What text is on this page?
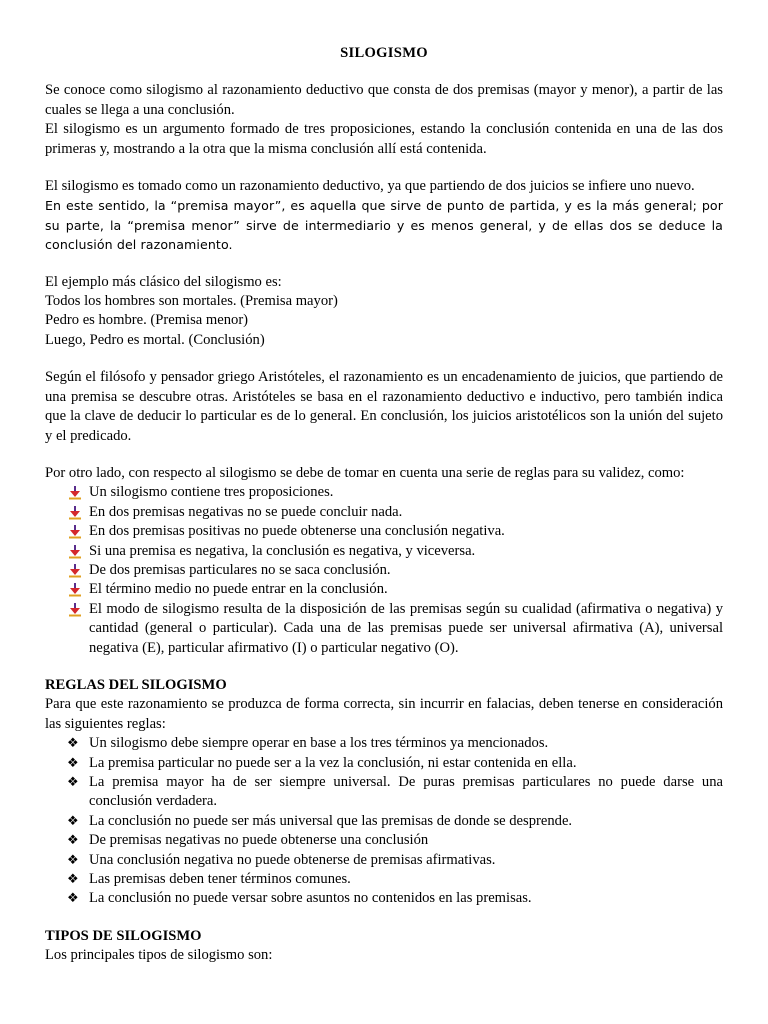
SILOGISMO

Se conoce como silogismo al razonamiento deductivo que consta de dos premisas (mayor y menor), a partir de las cuales se llega a una conclusión.

El silogismo es un argumento formado de tres proposiciones, estando la conclusión contenida en una de las dos primeras y, mostrando a la otra que la misma conclusión allí está contenida.

El silogismo es tomado como un razonamiento deductivo, ya que partiendo de dos juicios se infiere uno nuevo.

En este sentido, la “premisa mayor”, es aquella que sirve de punto de partida, y es la más general; por su parte, la “premisa menor” sirve de intermediario y es menos general, y de ellas dos se deduce la conclusión del razonamiento.

El ejemplo más clásico del silogismo es:

Todos los hombres son mortales. (Premisa mayor)

Pedro es hombre. (Premisa menor)

Luego, Pedro es mortal. (Conclusión)

Según el filósofo y pensador griego Aristóteles, el razonamiento es un encadenamiento de juicios, que partiendo de una premisa se descubre otras. Aristóteles se basa en el razonamiento deductivo e inductivo, pero también indica que la clave de deducir lo particular es de lo general. En conclusión, los juicios aristotélicos son la unión del sujeto y el predicado.

Por otro lado, con respecto al silogismo se debe de tomar en cuenta una serie de reglas para su validez, como:

Un silogismo contiene tres proposiciones.
En dos premisas negativas no se puede concluir nada.
En dos premisas positivas no puede obtenerse una conclusión negativa.
Si una premisa es negativa, la conclusión es negativa, y viceversa.
De dos premisas particulares no se saca conclusión.
El término medio no puede entrar en la conclusión.
El modo de silogismo resulta de la disposición de las premisas según su cualidad (afirmativa o negativa) y cantidad (general o particular). Cada una de las premisas puede ser universal afirmativa (A), universal negativa (E), particular afirmativo (I) o particular negativo (O).

REGLAS DEL SILOGISMO

Para que este razonamiento se produzca de forma correcta, sin incurrir en falacias, deben tenerse en consideración las siguientes reglas:

❖ Un silogismo debe siempre operar en base a los tres términos ya mencionados.
❖ La premisa particular no puede ser a la vez la conclusión, ni estar contenida en ella.
❖ La premisa mayor ha de ser siempre universal. De puras premisas particulares no puede darse una conclusión verdadera.
❖ La conclusión no puede ser más universal que las premisas de donde se desprende.
❖ De premisas negativas no puede obtenerse una conclusión
❖ Una conclusión negativa no puede obtenerse de premisas afirmativas.
❖ Las premisas deben tener términos comunes.
❖ La conclusión no puede versar sobre asuntos no contenidos en las premisas.

TIPOS DE SILOGISMO

Los principales tipos de silogismo son:
